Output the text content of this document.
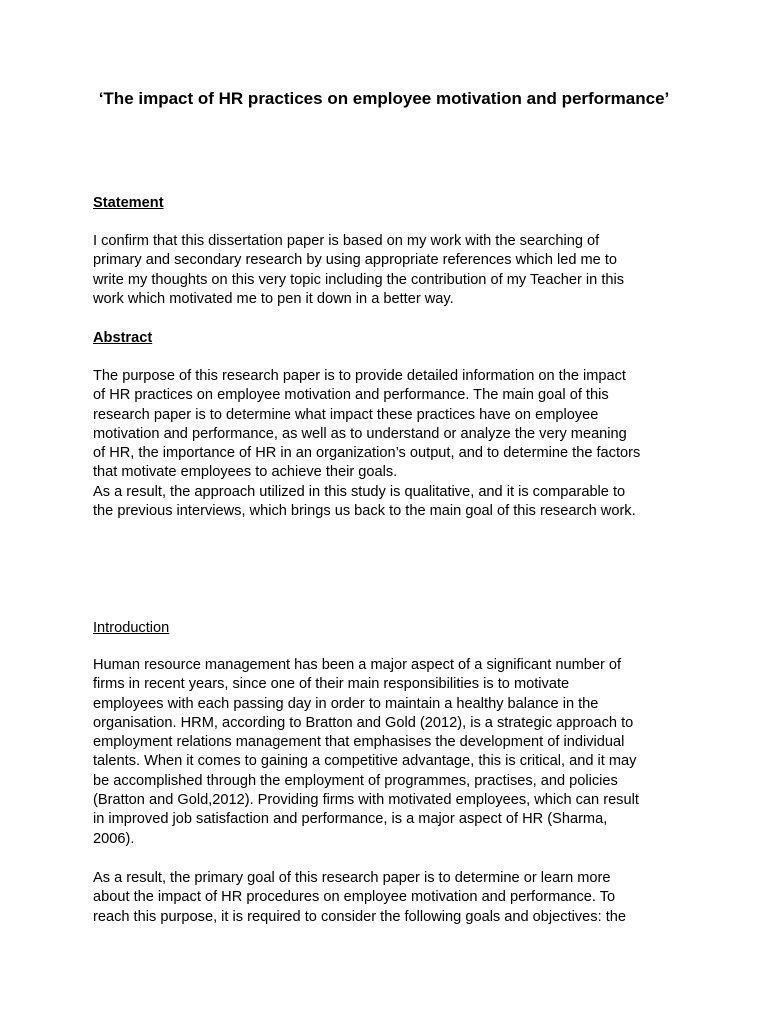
‘The impact of HR practices on employee motivation and performance’
Statement

I confirm that this dissertation paper is based on my work with the searching of
primary and secondary research by using appropriate references which led me to
write my thoughts on this very topic including the contribution of my Teacher in this
work which motivated me to pen it down in a better way.

Abstract

The purpose of this research paper is to provide detailed information on the impact
of HR practices on employee motivation and performance. The main goal of this
research paper is to determine what impact these practices have on employee
motivation and performance, as well as to understand or analyze the very meaning
of HR, the importance of HR in an organization’s output, and to determine the factors
that motivate employees to achieve their goals.
As a result, the approach utilized in this study is qualitative, and it is comparable to
the previous interviews, which brings us back to the main goal of this research work.

Introduction

Human resource management has been a major aspect of a significant number of
firms in recent years, since one of their main responsibilities is to motivate
employees with each passing day in order to maintain a healthy balance in the
organisation. HRM, according to Bratton and Gold (2012), is a strategic approach to
employment relations management that emphasises the development of individual
talents. When it comes to gaining a competitive advantage, this is critical, and it may
be accomplished through the employment of programmes, practises, and policies
(Bratton and Gold,2012). Providing firms with motivated employees, which can result
in improved job satisfaction and performance, is a major aspect of HR (Sharma,
2006).

As a result, the primary goal of this research paper is to determine or learn more
about the impact of HR procedures on employee motivation and performance. To
reach this purpose, it is required to consider the following goals and objectives: the
